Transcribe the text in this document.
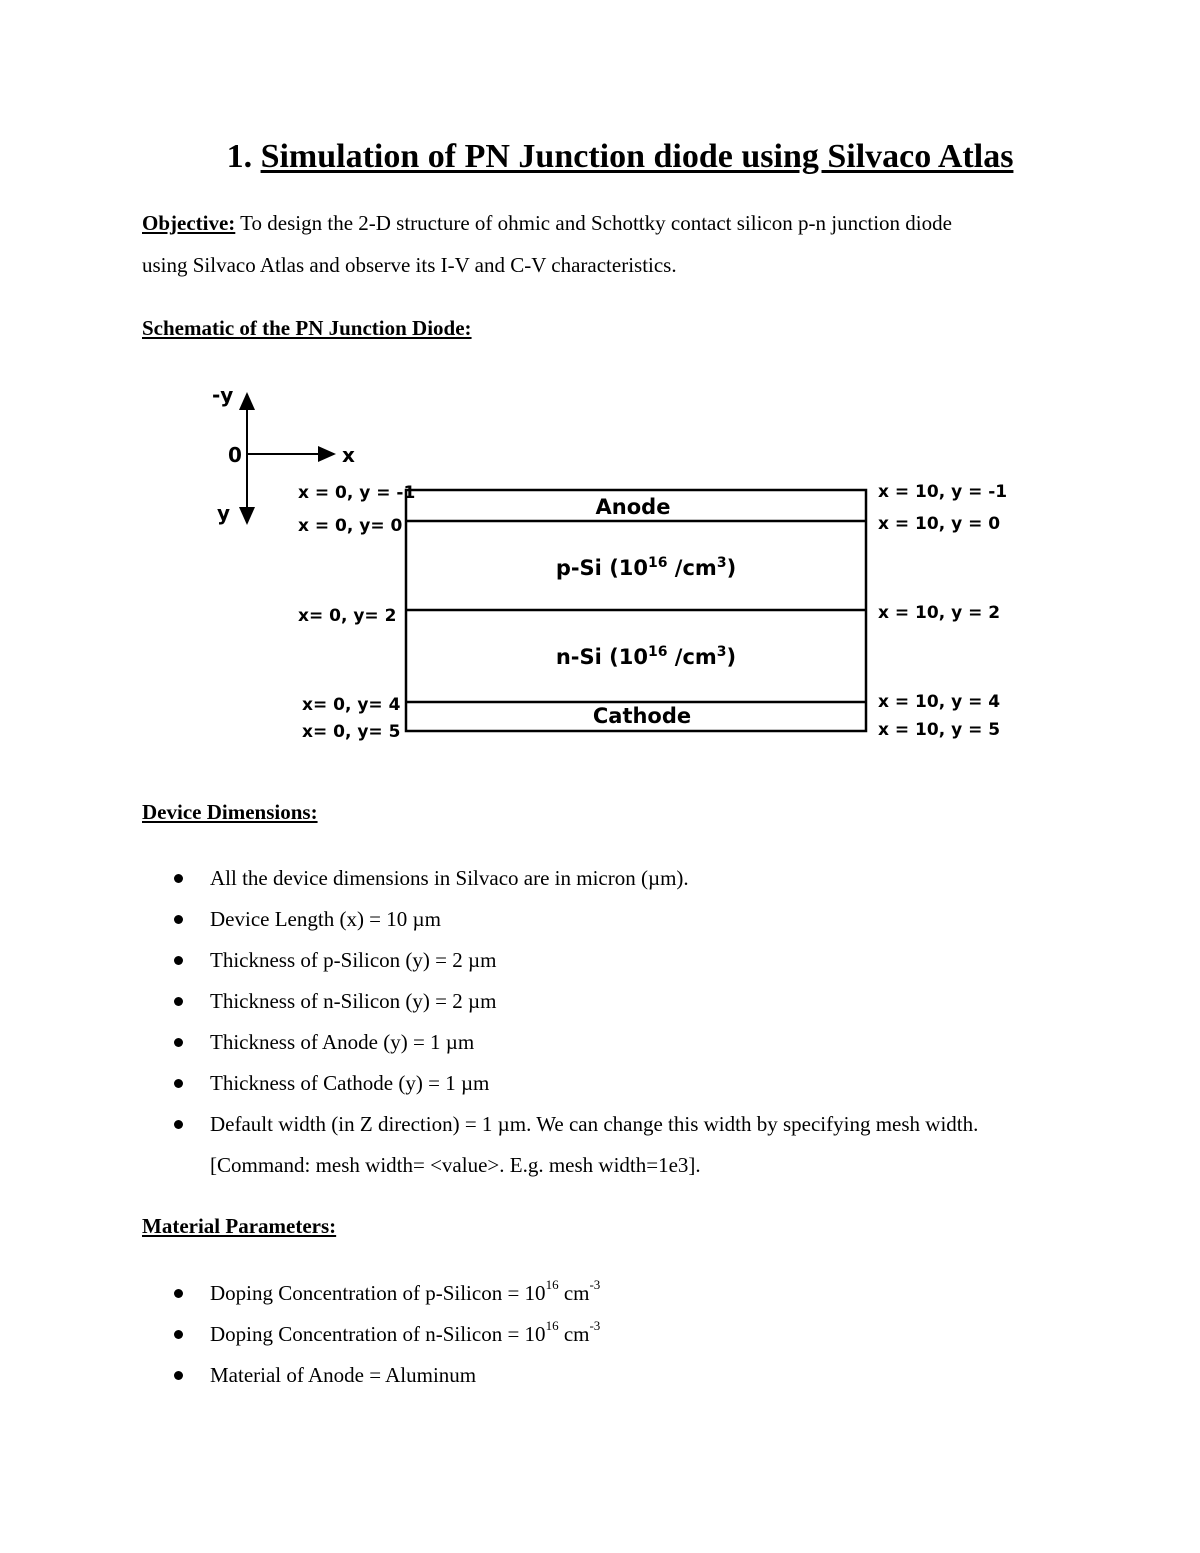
1. Simulation of PN Junction diode using Silvaco Atlas

Objective: To design the 2-D structure of ohmic and Schottky contact silicon p-n junction diode
using Silvaco Atlas and observe its I-V and C-V characteristics.

Schematic of the PN Junction Diode:

-y
0	x
y	Anode
p-Si ($10^{16}$ $/cm^3$)
n-Si ($10^{16}$ $/cm^3$)
Cathode
x = 0, y = -1
x = 0, y= 0
x= 0, y= 2
x= 0, y= 4
x= 0, y= 5
x = 10, y = -1
x = 10, y = 0
x = 10, y = 2
x = 10, y = 4
x = 10, y = 5

Device Dimensions:

All the device dimensions in Silvaco are in micron (µm).
Device Length (x) = 10 µm
Thickness of p-Silicon (y) = 2 µm
Thickness of n-Silicon (y) = 2 µm
Thickness of Anode (y) = 1 µm
Thickness of Cathode (y) = 1 µm
Default width (in Z direction) = 1 µm. We can change this width by specifying mesh width.
[Command: mesh width= <value>. E.g. mesh width=1e3].

Material Parameters:

Doping Concentration of p-Silicon = $10^{16}$ $cm^{-3}$
Doping Concentration of n-Silicon = $10^{16}$ $cm^{-3}$
Material of Anode = Aluminum
